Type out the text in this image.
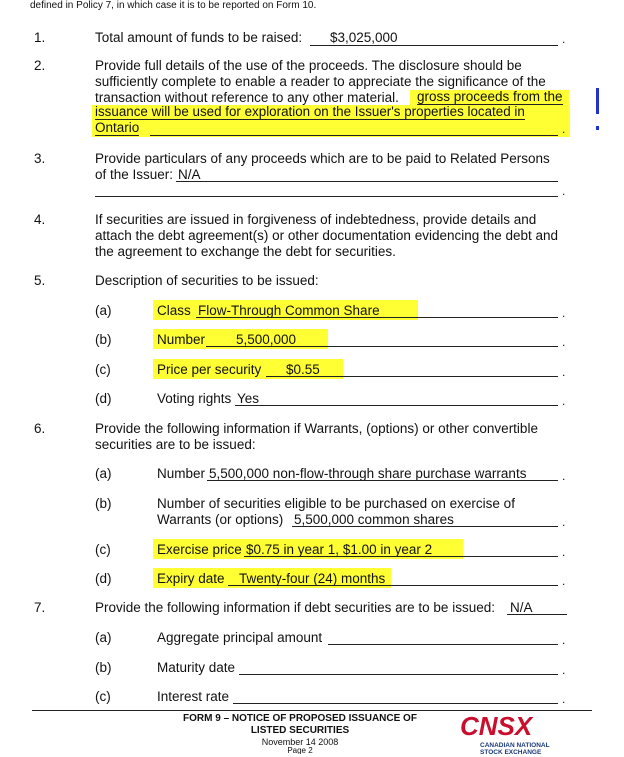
defined in Policy 7, in which case it is to be reported on Form 10.
1.	Total amount of funds to be raised: $3,025,000	.
2.	Provide full details of the use of the proceeds. The disclosure should be
sufficiently complete to enable a reader to appreciate the significance of the
transaction without reference to any other material. gross proceeds from the
issuance will be used for exploration on the Issuer's properties located in
Ontario	.
3.	Provide particulars of any proceeds which are to be paid to Related Persons
of the Issuer: N/A
.
4.	If securities are issued in forgiveness of indebtedness, provide details and
attach the debt agreement(s) or other documentation evidencing the debt and
the agreement to exchange the debt for securities.
5.	Description of securities to be issued:
(a)	Class Flow-Through Common Share	.
(b)	Number 5,500,000	.
(c)	Price per security $0.55	.
(d)	Voting rights Yes	.
6.	Provide the following information if Warrants, (options) or other convertible
securities are to be issued:
(a)	Number 5,500,000 non-flow-through share purchase warrants	.
(b)	Number of securities eligible to be purchased on exercise of
Warrants (or options) 5,500,000 common shares	.
(c)	Exercise price $0.75 in year 1, $1.00 in year 2	.
(d)	Expiry date Twenty-four (24) months	.
7.	Provide the following information if debt securities are to be issued: N/A
(a)	Aggregate principal amount	.
(b)	Maturity date	.
(c)	Interest rate	.
FORM 9 – NOTICE OF PROPOSED ISSUANCE OF
LISTED SECURITIES
November 14 2008
Page 2
CNSX
CANADIAN NATIONAL
STOCK EXCHANGE
